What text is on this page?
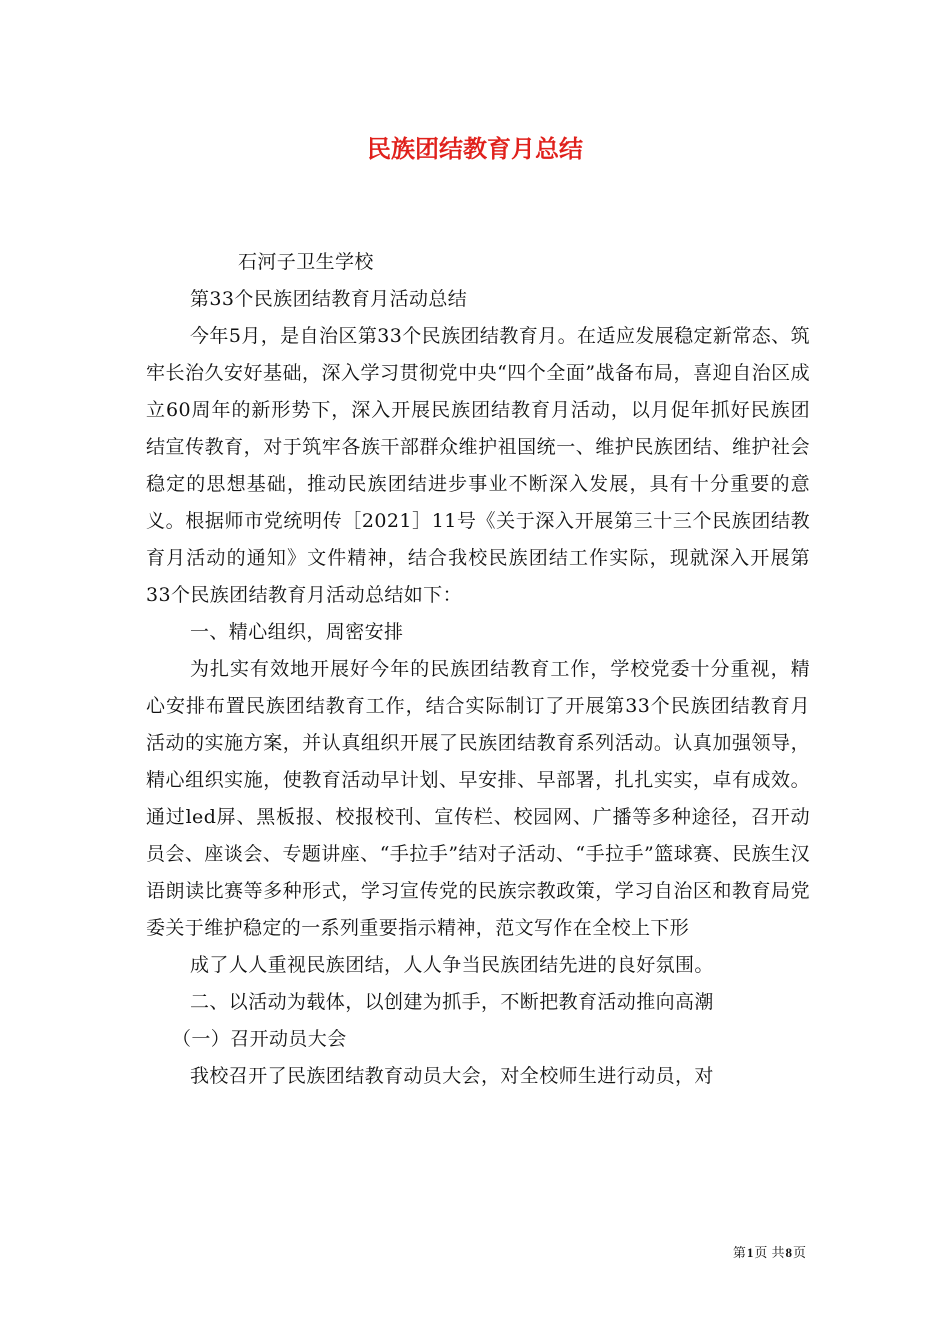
民族团结教育月总结

石河子卫生学校

第33个民族团结教育月活动总结

今年5月，是自治区第33个民族团结教育月。在适应发展稳定新常态、筑牢长治久安好基础，深入学习贯彻党中央“四个全面”战备布局，喜迎自治区成立60周年的新形势下，深入开展民族团结教育月活动，以月促年抓好民族团结宣传教育，对于筑牢各族干部群众维护祖国统一、维护民族团结、维护社会稳定的思想基础，推动民族团结进步事业不断深入发展，具有十分重要的意义。根据师市党统明传［2021］11号《关于深入开展第三十三个民族团结教育月活动的通知》文件精神，结合我校民族团结工作实际，现就深入开展第33个民族团结教育月活动总结如下：

一、精心组织，周密安排

为扎实有效地开展好今年的民族团结教育工作，学校党委十分重视，精心安排布置民族团结教育工作，结合实际制订了开展第33个民族团结教育月活动的实施方案，并认真组织开展了民族团结教育系列活动。认真加强领导，精心组织实施，使教育活动早计划、早安排、早部署，扎扎实实，卓有成效。通过led屏、黑板报、校报校刊、宣传栏、校园网、广播等多种途径，召开动员会、座谈会、专题讲座、“手拉手”结对子活动、“手拉手”篮球赛、民族生汉语朗读比赛等多种形式，学习宣传党的民族宗教政策，学习自治区和教育局党委关于维护稳定的一系列重要指示精神，范文写作在全校上下形

成了人人重视民族团结，人人争当民族团结先进的良好氛围。

二、以活动为载体，以创建为抓手，不断把教育活动推向高潮

（一）召开动员大会

我校召开了民族团结教育动员大会，对全校师生进行动员，对

第1页 共8页
